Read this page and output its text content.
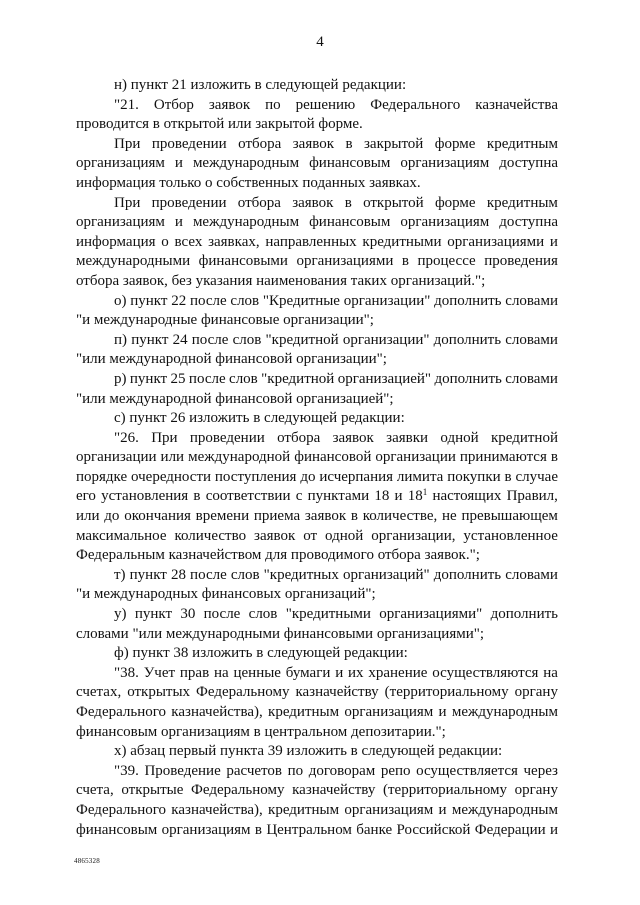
4
н) пункт 21 изложить в следующей редакции:
"21. Отбор заявок по решению Федерального казначейства
проводится в открытой или закрытой форме.
При проведении отбора заявок в закрытой форме кредитным
организациям и международным финансовым организациям доступна
информация только о собственных поданных заявках.
При проведении отбора заявок в открытой форме кредитным
организациям и международным финансовым организациям доступна
информация о всех заявках, направленных кредитными организациями и
международными финансовыми организациями в процессе проведения
отбора заявок, без указания наименования таких организаций.";
о) пункт 22 после слов "Кредитные организации" дополнить словами
"и международные финансовые организации";
п) пункт 24 после слов "кредитной организации" дополнить словами
"или международной финансовой организации";
р) пункт 25 после слов "кредитной организацией" дополнить словами
"или международной финансовой организацией";
с) пункт 26 изложить в следующей редакции:
"26. При проведении отбора заявок заявки одной кредитной
организации или международной финансовой организации принимаются в
порядке очередности поступления до исчерпания лимита покупки в случае
его установления в соответствии с пунктами 18 и $18^1$ настоящих Правил,
или до окончания времени приема заявок в количестве, не превышающем
максимальное количество заявок от одной организации, установленное
Федеральным казначейством для проводимого отбора заявок.";
т) пункт 28 после слов "кредитных организаций" дополнить словами
"и международных финансовых организаций";
у) пункт 30 после слов "кредитными организациями" дополнить
словами "или международными финансовыми организациями";
ф) пункт 38 изложить в следующей редакции:
"38. Учет прав на ценные бумаги и их хранение осуществляются на
счетах, открытых Федеральному казначейству (территориальному органу
Федерального казначейства), кредитным организациям и международным
финансовым организациям в центральном депозитарии.";
х) абзац первый пункта 39 изложить в следующей редакции:
"39. Проведение расчетов по договорам репо осуществляется через
счета, открытые Федеральному казначейству (территориальному органу
Федерального казначейства), кредитным организациям и международным
финансовым организациям в Центральном банке Российской Федерации и
4865328
